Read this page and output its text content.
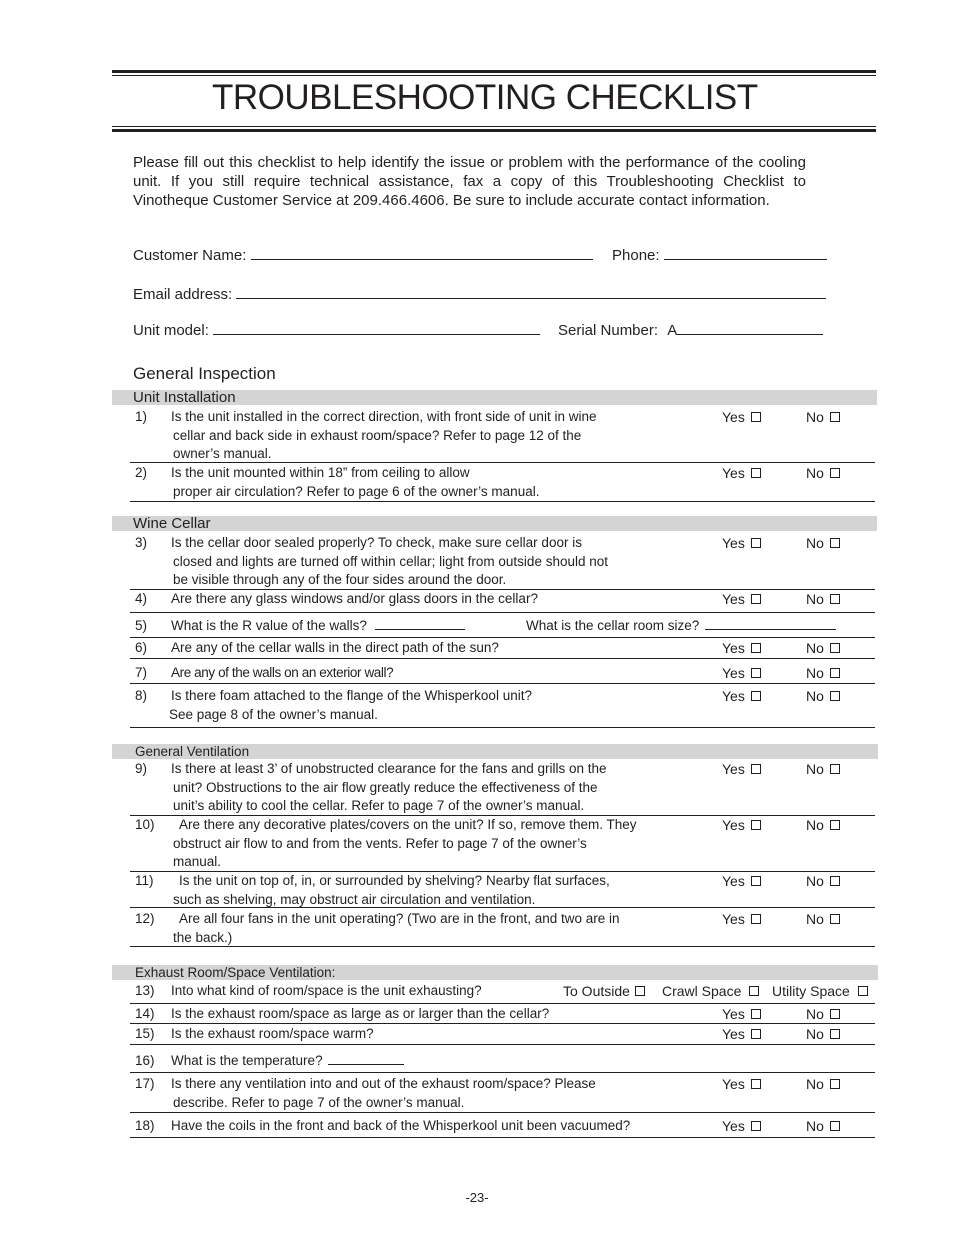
TROUBLESHOOTING CHECKLIST

Please fill out this checklist to help identify the issue or problem with the performance of the cooling unit. If you still require technical assistance, fax a copy of this Troubleshooting Checklist to Vinotheque Customer Service at 209.466.4606. Be sure to include accurate contact information.

Customer Name:	Phone:
Email address:
Unit model:	Serial Number: A
General Inspection
Unit Installation
1) Is the unit installed in the correct direction, with front side of unit in wine
cellar and back side in exhaust room/space? Refer to page 12 of the
owner’s manual.
Yes	No
2) Is the unit mounted within 18” from ceiling to allow
proper air circulation? Refer to page 6 of the owner’s manual.
Yes	No
Wine Cellar
3) Is the cellar door sealed properly? To check, make sure cellar door is
closed and lights are turned off within cellar; light from outside should not
be visible through any of the four sides around the door.
Yes	No
4) Are there any glass windows and/or glass doors in the cellar?	Yes	No
5) What is the R value of the walls?	What is the cellar room size?
6) Are any of the cellar walls in the direct path of the sun?	Yes	No
7) Are any of the walls on an exterior wall?	Yes	No
8) Is there foam attached to the flange of the Whisperkool unit?
See page 8 of the owner’s manual.
Yes	No
General Ventilation
9) Is there at least 3’ of unobstructed clearance for the fans and grills on the
unit? Obstructions to the air flow greatly reduce the effectiveness of the
unit’s ability to cool the cellar. Refer to page 7 of the owner’s manual.
Yes	No
10)	Are there any decorative plates/covers on the unit? If so, remove them. They
obstruct air flow to and from the vents. Refer to page 7 of the owner’s
manual.
Yes	No
11)	Is the unit on top of, in, or surrounded by shelving? Nearby flat surfaces,
such as shelving, may obstruct air circulation and ventilation.
Yes	No
12)	Are all four fans in the unit operating? (Two are in the front, and two are in
the back.)
Yes	No
Exhaust Room/Space Ventilation:
13) Into what kind of room/space is the unit exhausting?	To Outside	Crawl Space	Utility Space
14) Is the exhaust room/space as large as or larger than the cellar?	Yes	No
15) Is the exhaust room/space warm?	Yes	No
16) What is the temperature?
17) Is there any ventilation into and out of the exhaust room/space? Please
describe. Refer to page 7 of the owner’s manual.
Yes	No
18) Have the coils in the front and back of the Whisperkool unit been vacuumed?	Yes	No
-23-
